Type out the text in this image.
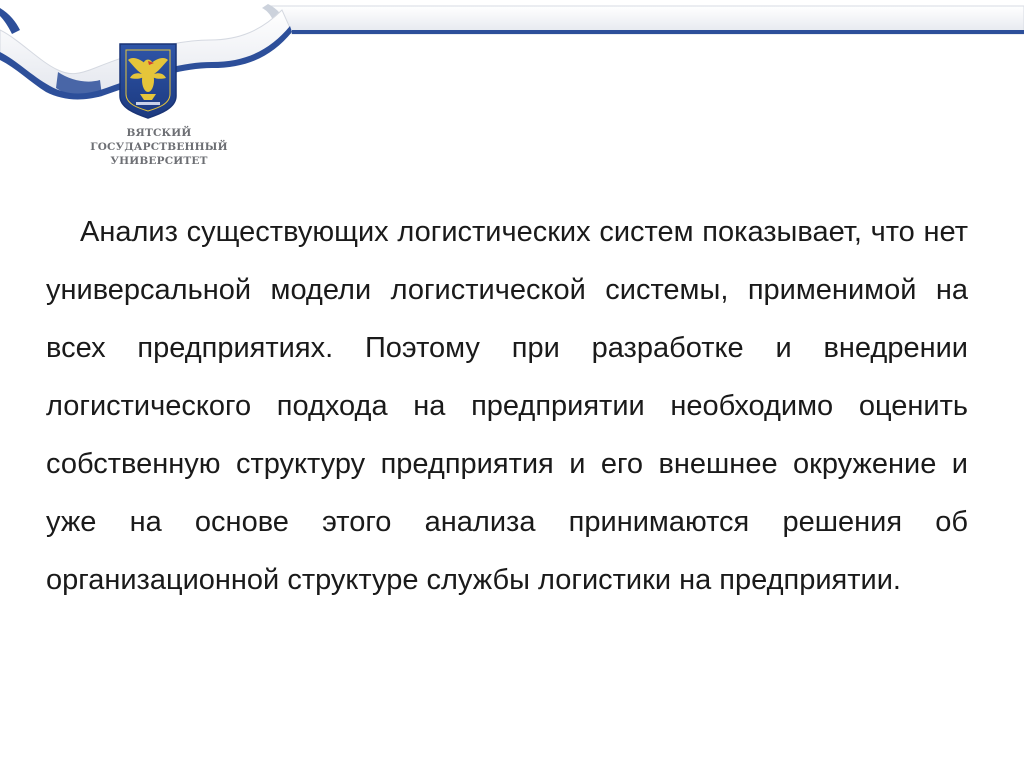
ВЯТСКИЙ
ГОСУДАРСТВЕННЫЙ
УНИВЕРСИТЕТ

Анализ существующих логистических систем показывает, что нет универсальной модели логистической системы, применимой на всех предприятиях. Поэтому при разработке и внедрении логистического подхода на предприятии необходимо оценить собственную структуру предприятия и его внешнее окружение и уже на основе этого анализа принимаются решения об организационной структуре службы логистики на предприятии.
